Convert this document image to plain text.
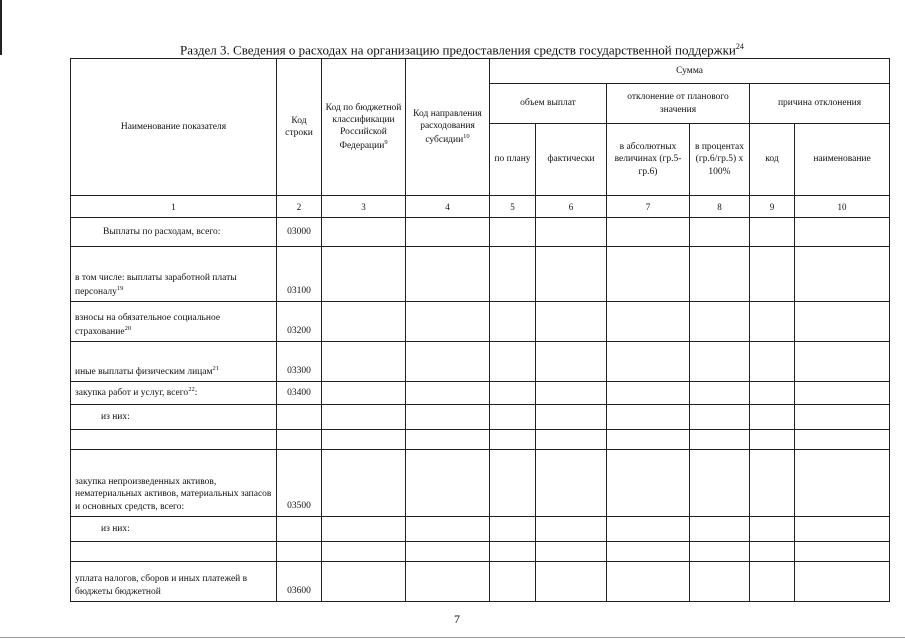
Раздел 3. Сведения о расходах на организацию предоставления средств государственной поддержки$^{24}$
Наименование показателя	Код строки	Код по бюджетной классификации Российской Федерации$^9$	Код направления расходования субсидии$^{10}$	Сумма					
				объем выплат		отклонение от планового значения		причина отклонения	
				по плану	фактически	в абсолютных величинах (гр.5-гр.6)	в процентах (гр.6/гр.5) x 100%	код	наименование
1	2	3	4	5	6	7	8	9	10
Выплаты по расходам, всего:	03000								
в том числе: выплаты заработной платы персоналу$^{19}$	03100								
взносы на обязательное социальное страхование$^{20}$	03200								
иные выплаты физическим лицам$^{21}$	03300								
закупка работ и услуг, всего$^{22}$:	03400								
из них:									

закупка непроизведенных активов, нематериальных активов, материальных запасов и основных средств, всего:	03500								
из них:									

уплата налогов, сборов и иных платежей в бюджеты бюджетной	03600								
7
